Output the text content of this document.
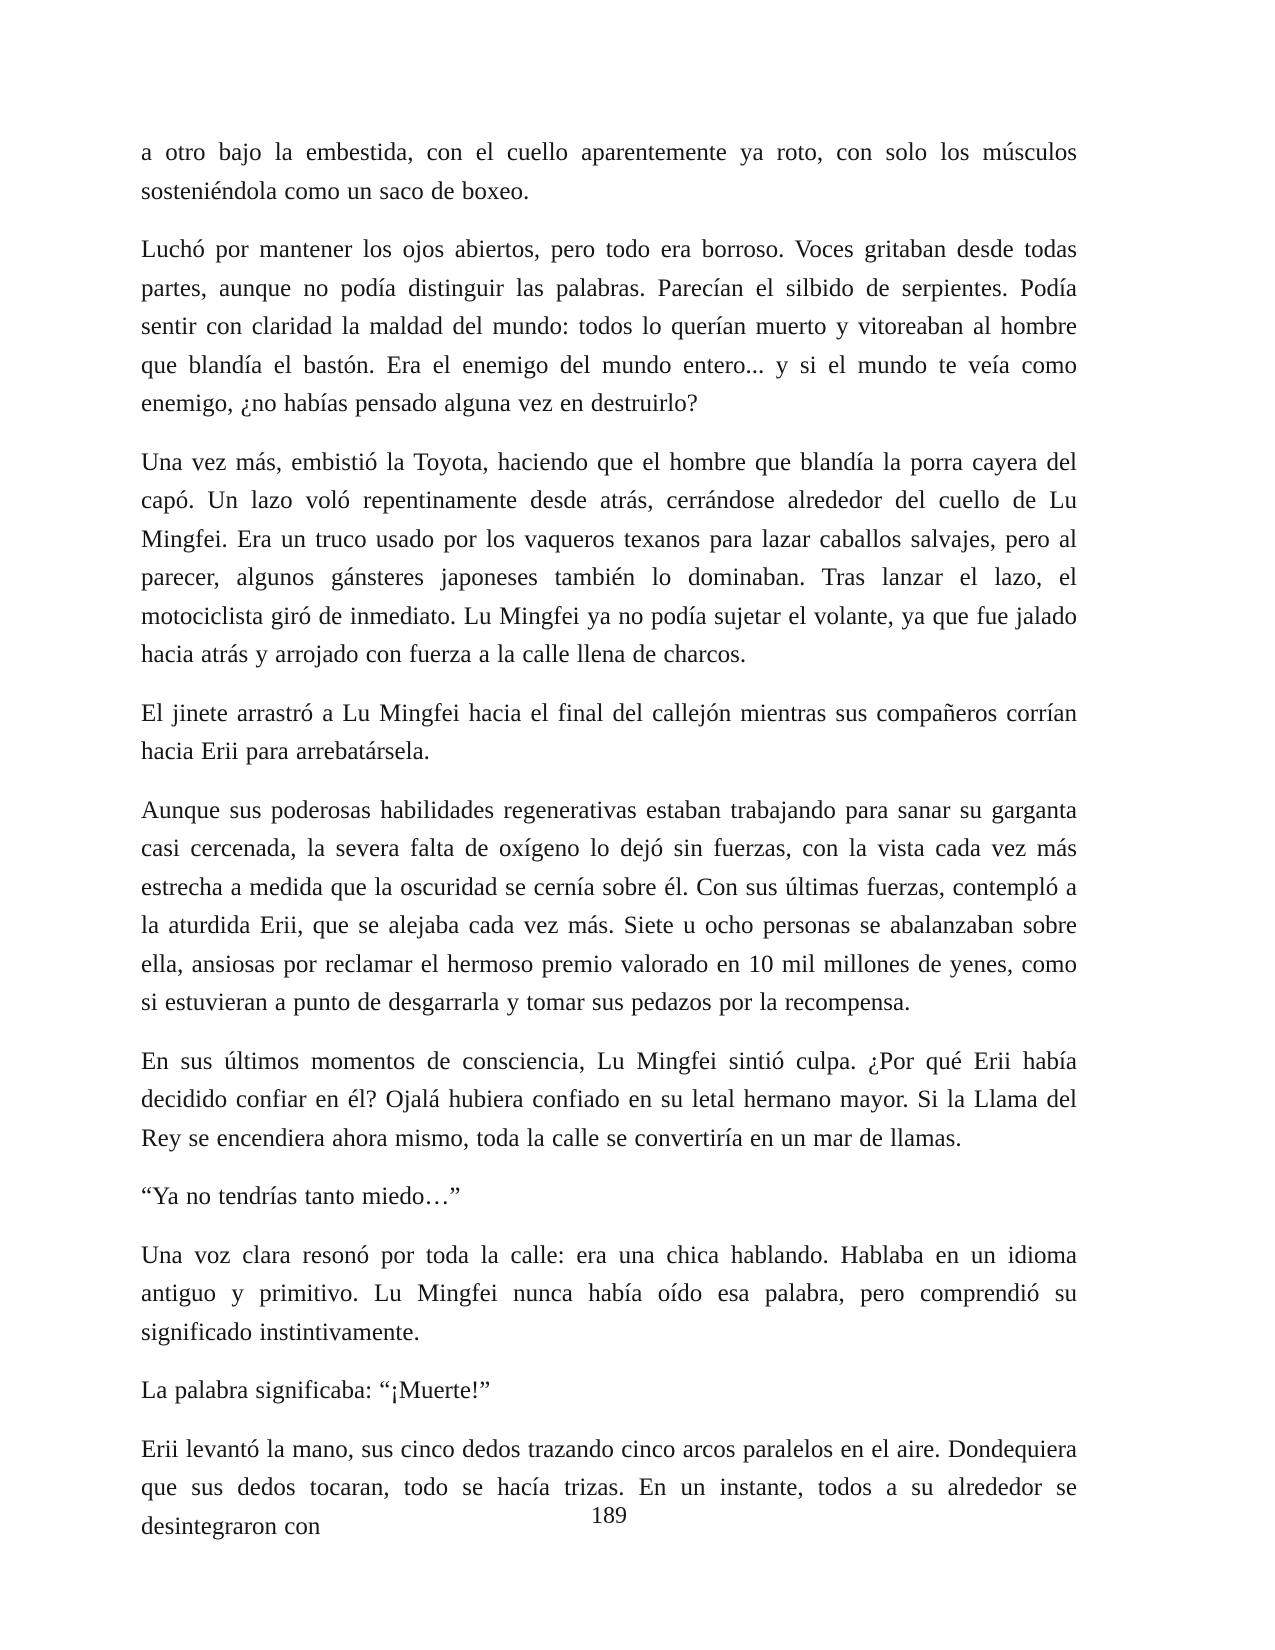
a otro bajo la embestida, con el cuello aparentemente ya roto, con solo los músculos sosteniéndola como un saco de boxeo.

Luchó por mantener los ojos abiertos, pero todo era borroso. Voces gritaban desde todas partes, aunque no podía distinguir las palabras. Parecían el silbido de serpientes. Podía sentir con claridad la maldad del mundo: todos lo querían muerto y vitoreaban al hombre que blandía el bastón. Era el enemigo del mundo entero... y si el mundo te veía como enemigo, ¿no habías pensado alguna vez en destruirlo?

Una vez más, embistió la Toyota, haciendo que el hombre que blandía la porra cayera del capó. Un lazo voló repentinamente desde atrás, cerrándose alrededor del cuello de Lu Mingfei. Era un truco usado por los vaqueros texanos para lazar caballos salvajes, pero al parecer, algunos gánsteres japoneses también lo dominaban. Tras lanzar el lazo, el motociclista giró de inmediato. Lu Mingfei ya no podía sujetar el volante, ya que fue jalado hacia atrás y arrojado con fuerza a la calle llena de charcos.

El jinete arrastró a Lu Mingfei hacia el final del callejón mientras sus compañeros corrían hacia Erii para arrebatársela.

Aunque sus poderosas habilidades regenerativas estaban trabajando para sanar su garganta casi cercenada, la severa falta de oxígeno lo dejó sin fuerzas, con la vista cada vez más estrecha a medida que la oscuridad se cernía sobre él. Con sus últimas fuerzas, contempló a la aturdida Erii, que se alejaba cada vez más. Siete u ocho personas se abalanzaban sobre ella, ansiosas por reclamar el hermoso premio valorado en 10 mil millones de yenes, como si estuvieran a punto de desgarrarla y tomar sus pedazos por la recompensa.

En sus últimos momentos de consciencia, Lu Mingfei sintió culpa. ¿Por qué Erii había decidido confiar en él? Ojalá hubiera confiado en su letal hermano mayor. Si la Llama del Rey se encendiera ahora mismo, toda la calle se convertiría en un mar de llamas.

“Ya no tendrías tanto miedo…”

Una voz clara resonó por toda la calle: era una chica hablando. Hablaba en un idioma antiguo y primitivo. Lu Mingfei nunca había oído esa palabra, pero comprendió su significado instintivamente.

La palabra significaba: “¡Muerte!”

Erii levantó la mano, sus cinco dedos trazando cinco arcos paralelos en el aire. Dondequiera que sus dedos tocaran, todo se hacía trizas. En un instante, todos a su alrededor se desintegraron con	189
